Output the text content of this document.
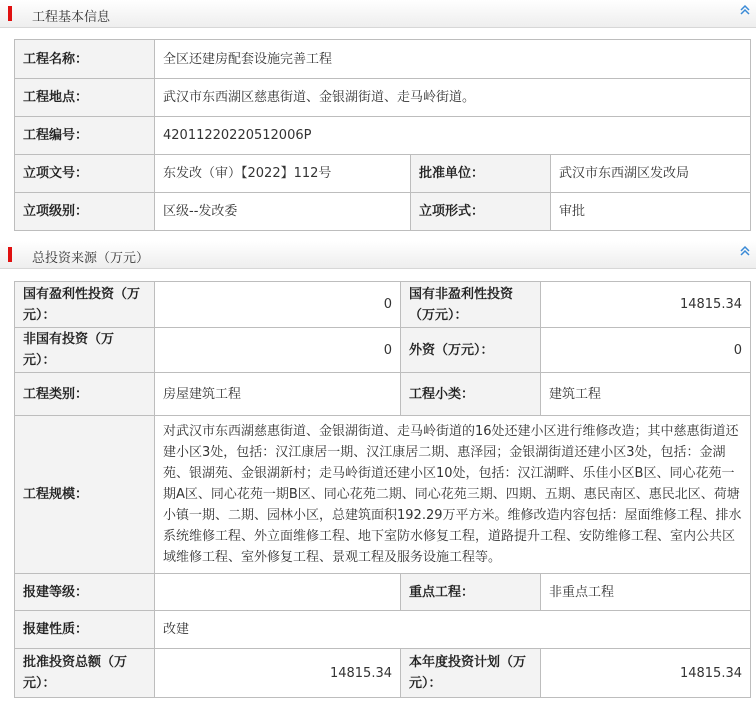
工程基本信息
工程名称：	全区还建房配套设施完善工程		
工程地点：	武汉市东西湖区慈惠街道、金银湖街道、走马岭街道。		
工程编号：	42011220220512006P		
立项文号：	东发改（审）【2022】112号	批准单位：	武汉市东西湖区发改局
立项级别：	区级--发改委	立项形式：	审批
总投资来源（万元）
国有盈利性投资（万元）：	0	国有非盈利性投资（万元）：	14815.34
非国有投资（万元）：	0	外资（万元）：	0
工程类别：	房屋建筑工程	工程小类：	建筑工程
工程规模：	对武汉市东西湖慈惠街道、金银湖街道、走马岭街道的16处还建小区进行维修改造；其中慈惠街道还建小区3处，包括：汉江康居一期、汉江康居二期、惠泽园；金银湖街道还建小区3处，包括：金湖苑、银湖苑、金银湖新村；走马岭街道还建小区10处，包括：汉江湖畔、乐佳小区B区、同心花苑一期A区、同心花苑一期B区、同心花苑二期、同心花苑三期、四期、五期、惠民南区、惠民北区、荷塘小镇一期、二期、园林小区，总建筑面积192.29万平方米。维修改造内容包括：屋面维修工程、排水系统维修工程、外立面维修工程、地下室防水修复工程，道路提升工程、安防维修工程、室内公共区域维修工程、室外修复工程、景观工程及服务设施工程等。		
报建等级：		重点工程：	非重点工程
报建性质：	改建		
批准投资总额（万元）：	14815.34	本年度投资计划（万元）：	14815.34
